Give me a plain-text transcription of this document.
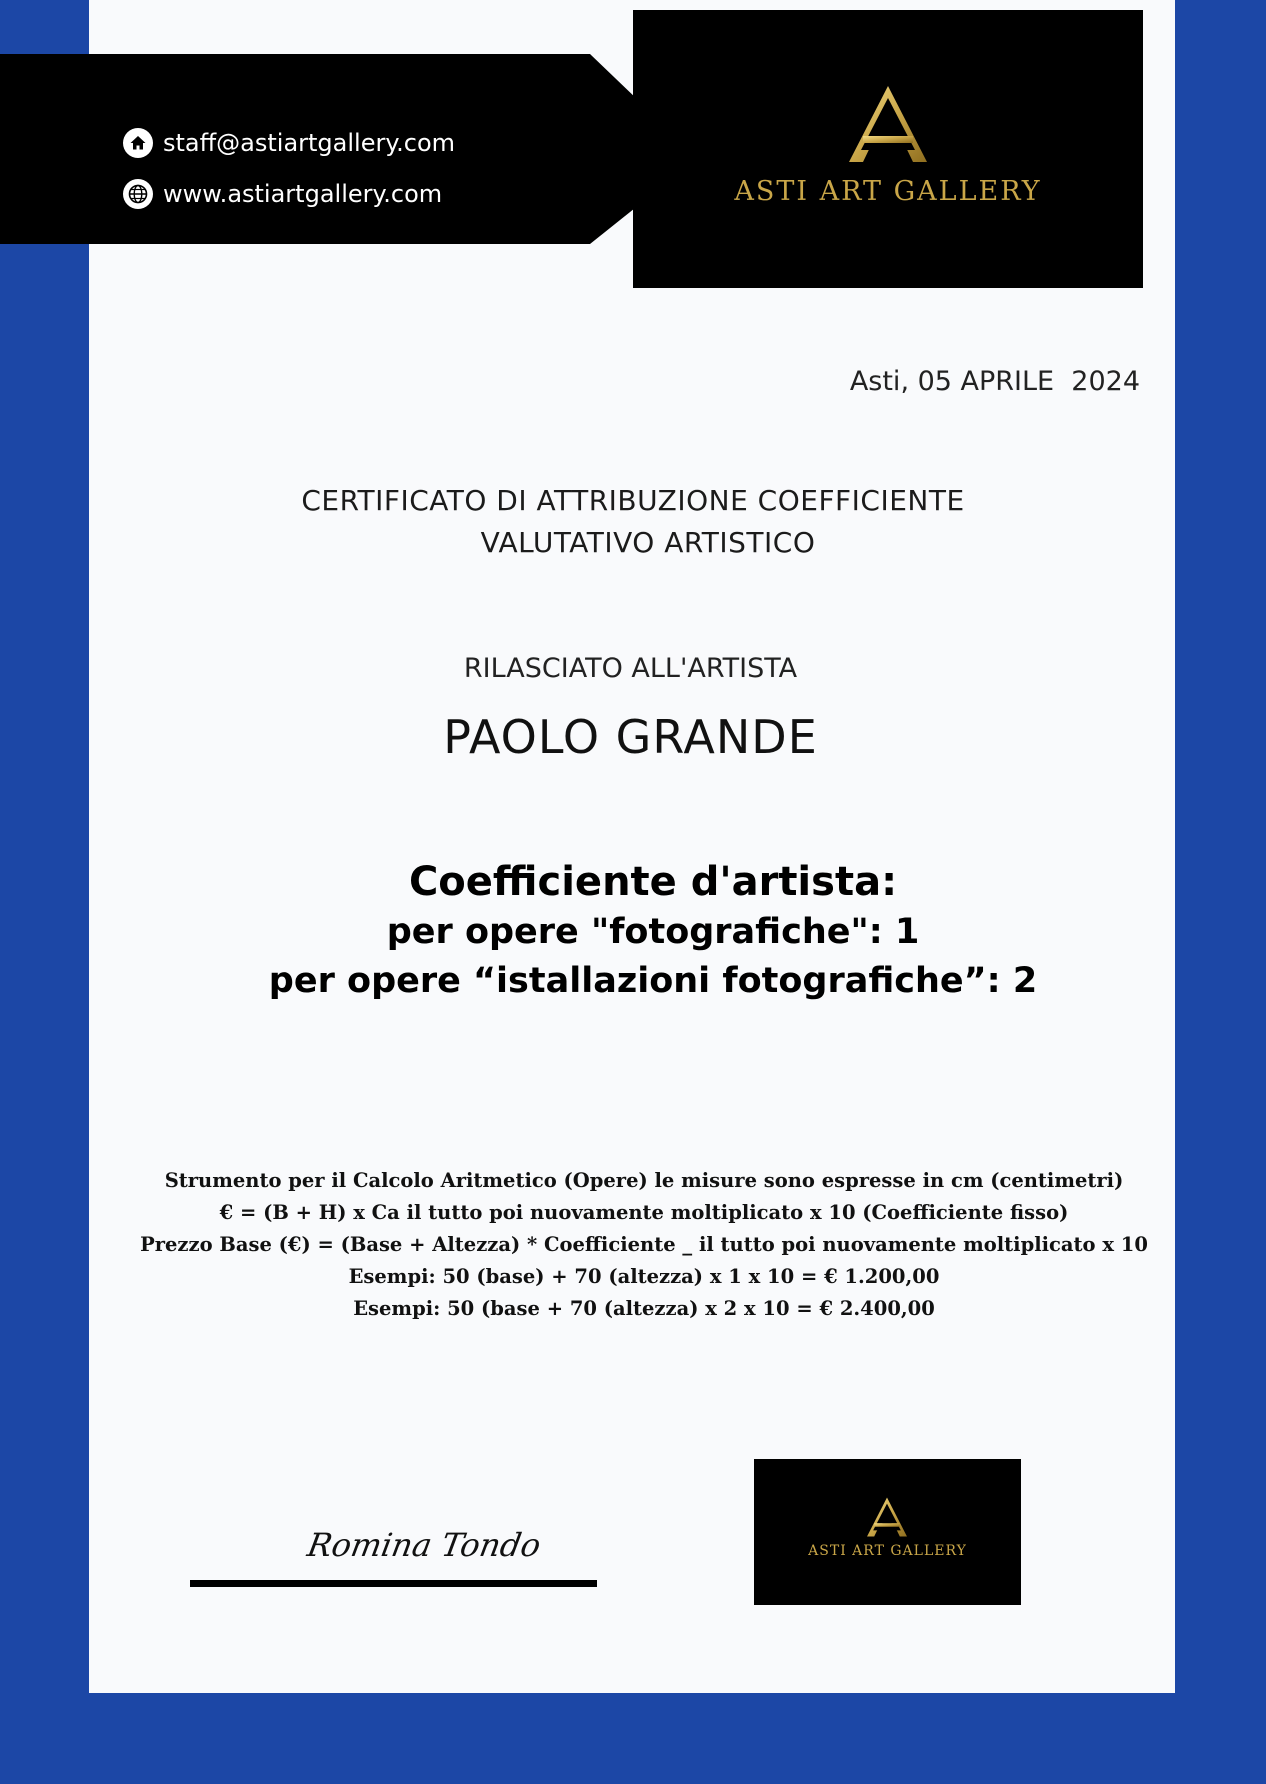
staff@astiartgallery.com
www.astiartgallery.com	ASTI ART GALLERY
Asti, 05 APRILE  2024
CERTIFICATO DI ATTRIBUZIONE COEFFICIENTE
VALUTATIVO ARTISTICO
RILASCIATO ALL'ARTISTA
PAOLO GRANDE
Coefficiente d'artista:
per opere "fotografiche": 1
per opere “istallazioni fotografiche”: 2
Strumento per il Calcolo Aritmetico (Opere) le misure sono espresse in cm (centimetri)
€ = (B + H) x Ca il tutto poi nuovamente moltiplicato x 10 (Coefficiente fisso)
Prezzo Base (€) = (Base + Altezza) * Coefficiente _ il tutto poi nuovamente moltiplicato x 10
Esempi: 50 (base) + 70 (altezza) x 1 x 10 = € 1.200,00
Esempi: 50 (base + 70 (altezza) x 2 x 10 = € 2.400,00
Romina Tondo	ASTI ART GALLERY
